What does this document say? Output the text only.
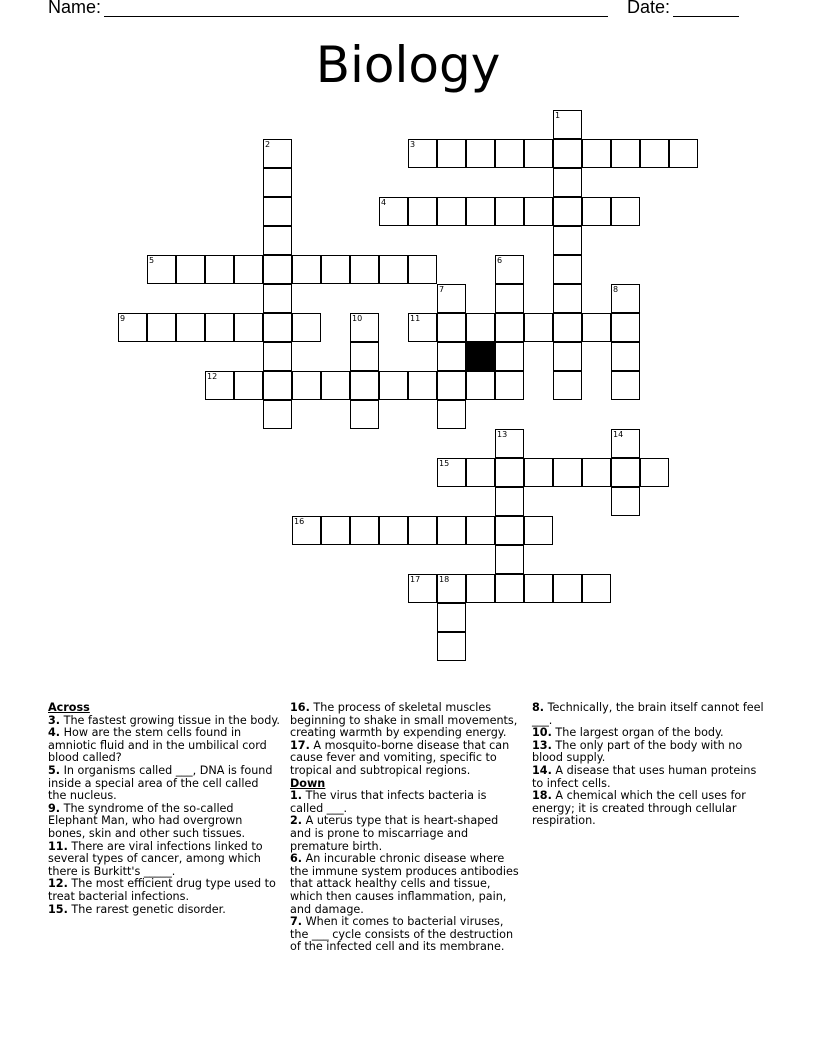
Name:	Date:
Biology
1
2	3
4
5	6
7	8
9	10	11
12
13	14
15
16
17 18
Across

3. The fastest growing tissue in the body.

4. How are the stem cells found in amniotic fluid and in the umbilical cord blood called?

5. In organisms called ___, DNA is found inside a special area of the cell called the nucleus.

9. The syndrome of the so-called Elephant Man, who had overgrown bones, skin and other such tissues.

11. There are viral infections linked to several types of cancer, among which there is Burkitt's _____.

12. The most efficient drug type used to treat bacterial infections.

15. The rarest genetic disorder.

16. The process of skeletal muscles beginning to shake in small movements, creating warmth by expending energy.

17. A mosquito-borne disease that can cause fever and vomiting, specific to tropical and subtropical regions.

Down

1. The virus that infects bacteria is called ___.

2. A uterus type that is heart-shaped and is prone to miscarriage and premature birth.

6. An incurable chronic disease where the immune system produces antibodies that attack healthy cells and tissue, which then causes inflammation, pain, and damage.

7. When it comes to bacterial viruses, the ___ cycle consists of the destruction of the infected cell and its membrane.

8. Technically, the brain itself cannot feel ___.

10. The largest organ of the body.

13. The only part of the body with no blood supply.

14. A disease that uses human proteins to infect cells.

18. A chemical which the cell uses for energy; it is created through cellular respiration.
